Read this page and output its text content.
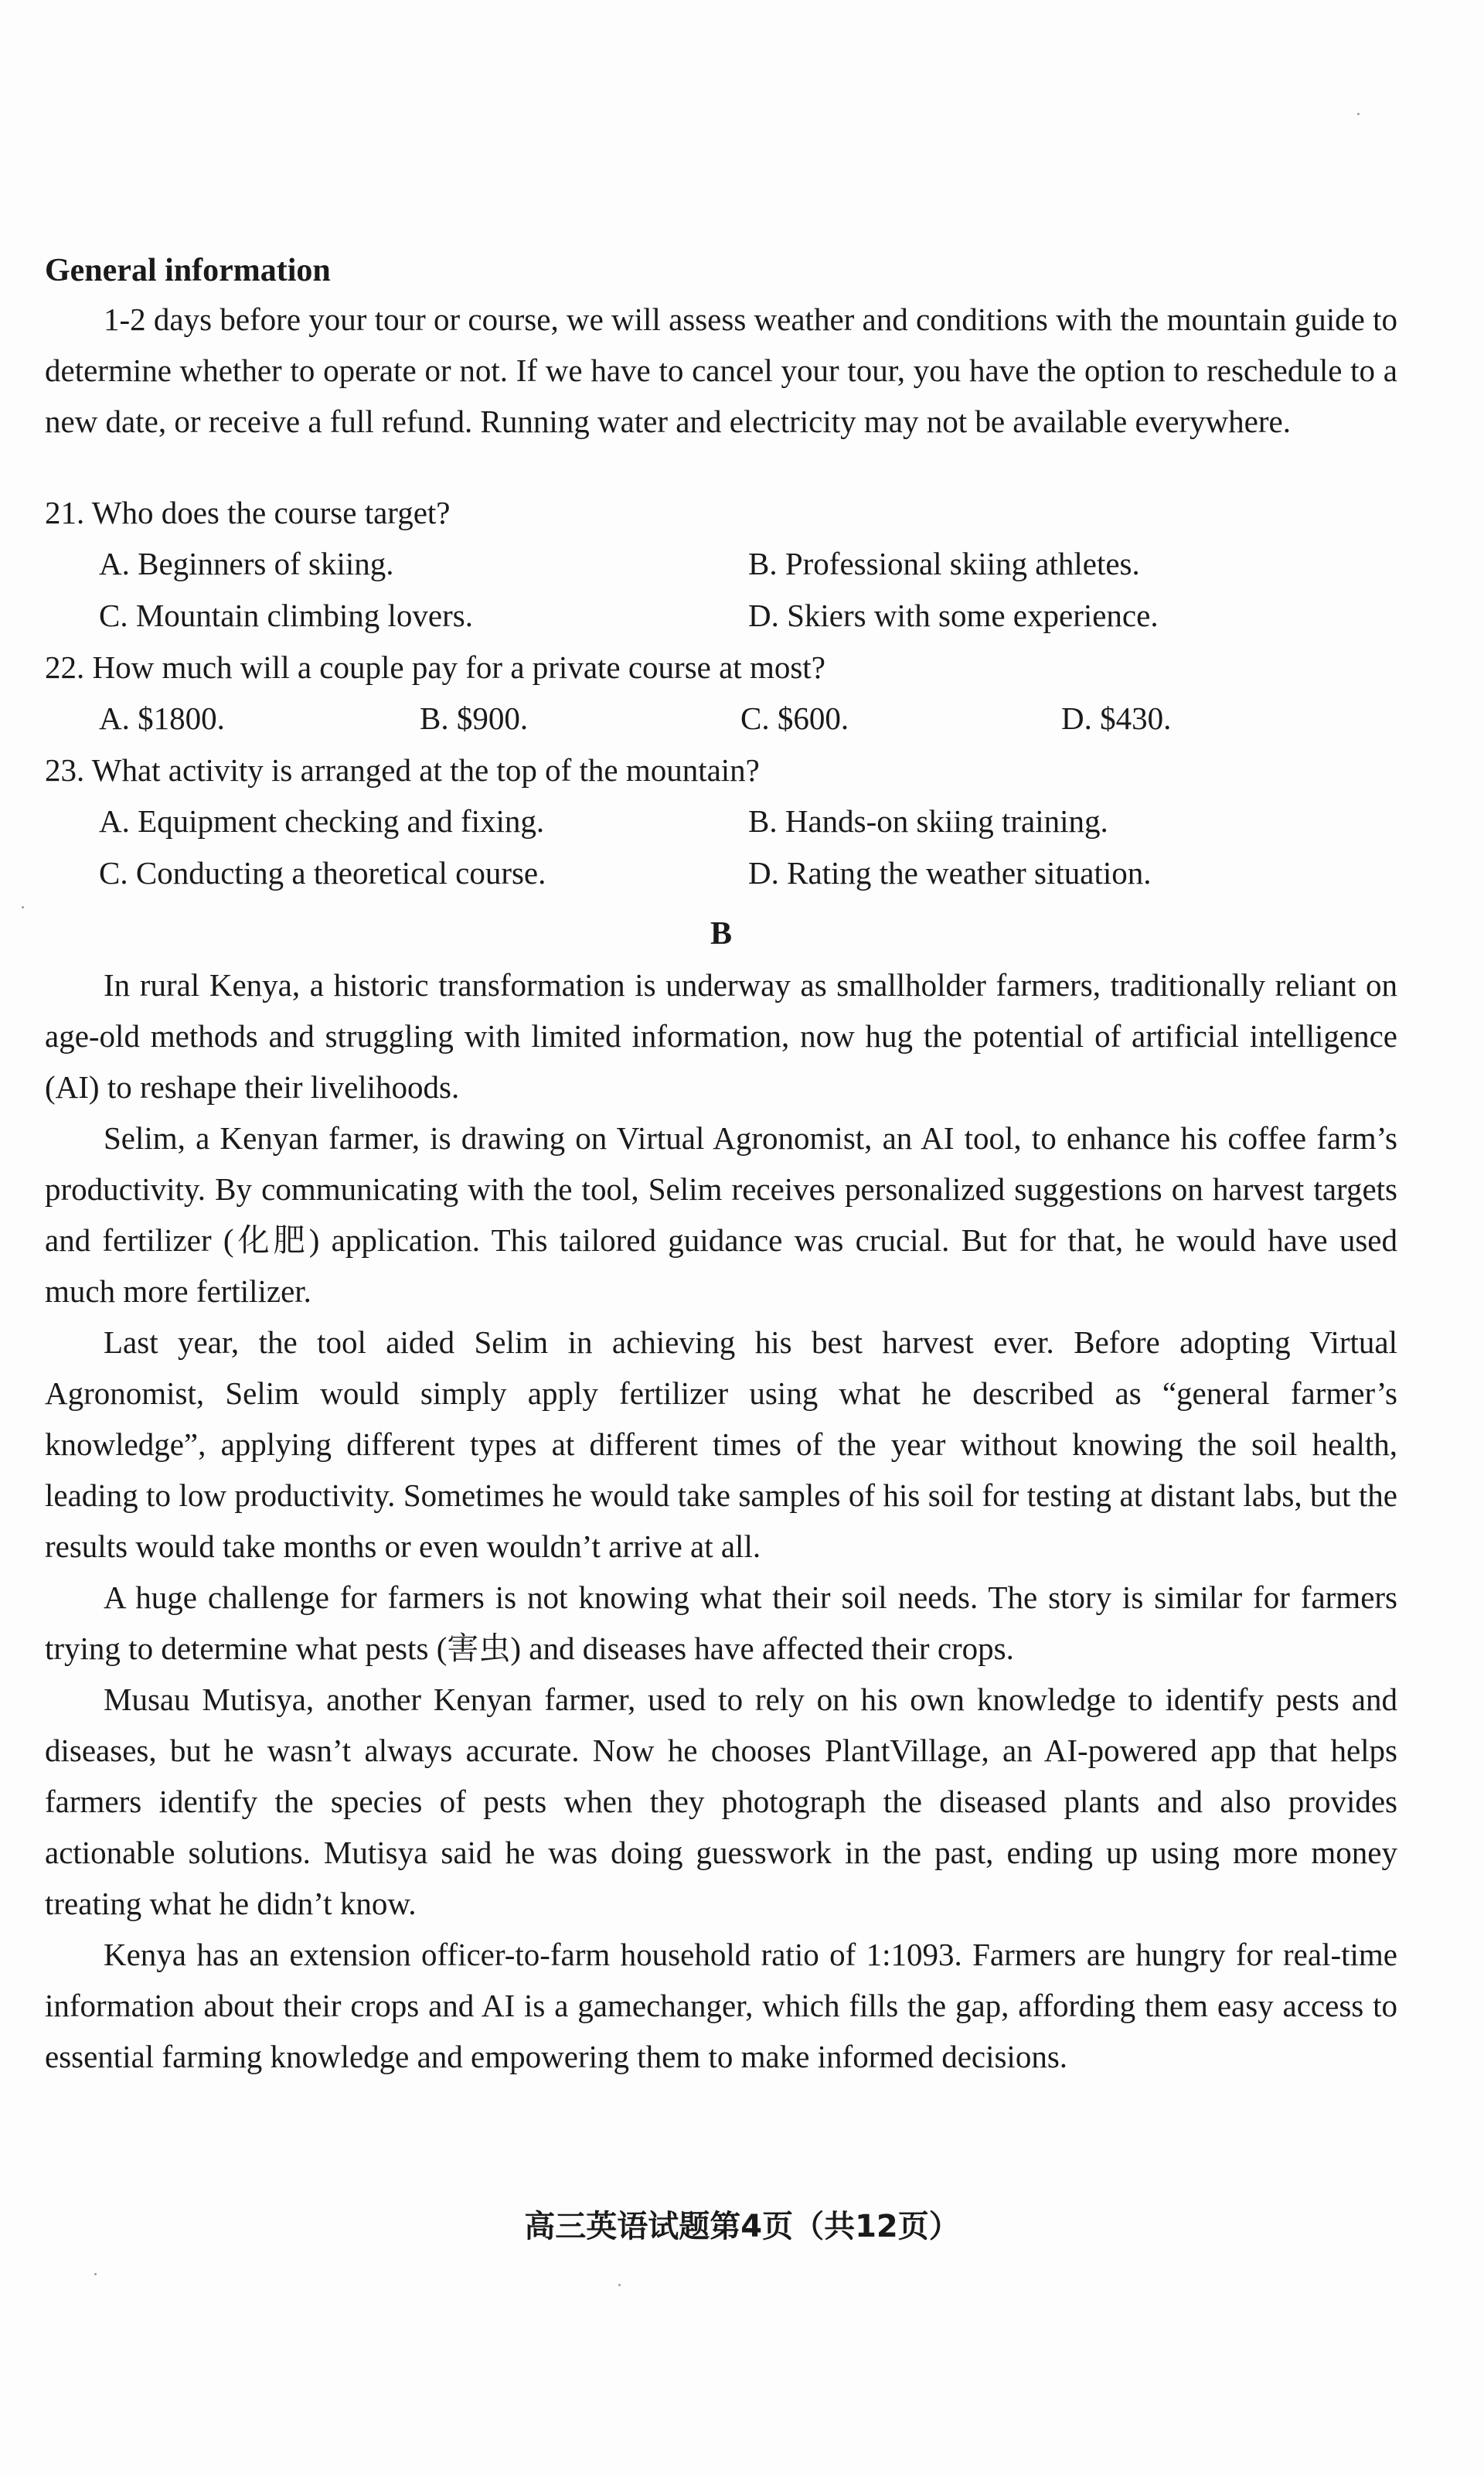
General information

1-2 days before your tour or course, we will assess weather and conditions with the mountain guide to determine whether to operate or not. If we have to cancel your tour, you have the option to reschedule to a new date, or receive a full refund. Running water and electricity may not be available everywhere.

21. Who does the course target?

A. Beginners of skiing.	B. Professional skiing athletes.
C. Mountain climbing lovers.	D. Skiers with some experience.

22. How much will a couple pay for a private course at most?

A. $1800.	B. $900.	C. $600.	D. $430.

23. What activity is arranged at the top of the mountain?

A. Equipment checking and fixing.	B. Hands-on skiing training.
C. Conducting a theoretical course.	D. Rating the weather situation.
B

In rural Kenya, a historic transformation is underway as smallholder farmers, traditionally reliant on age-old methods and struggling with limited information, now hug the potential of artificial intelligence (AI) to reshape their livelihoods.

Selim, a Kenyan farmer, is drawing on Virtual Agronomist, an AI tool, to enhance his coffee farm’s productivity. By communicating with the tool, Selim receives personalized suggestions on harvest targets and fertilizer (化肥) application. This tailored guidance was crucial. But for that, he would have used much more fertilizer.

Last year, the tool aided Selim in achieving his best harvest ever. Before adopting Virtual Agronomist, Selim would simply apply fertilizer using what he described as “general farmer’s knowledge”, applying different types at different times of the year without knowing the soil health, leading to low productivity. Sometimes he would take samples of his soil for testing at distant labs, but the results would take months or even wouldn’t arrive at all.

A huge challenge for farmers is not knowing what their soil needs. The story is similar for farmers trying to determine what pests (害虫) and diseases have affected their crops.

Musau Mutisya, another Kenyan farmer, used to rely on his own knowledge to identify pests and diseases, but he wasn’t always accurate. Now he chooses PlantVillage, an AI-powered app that helps farmers identify the species of pests when they photograph the diseased plants and also provides actionable solutions. Mutisya said he was doing guesswork in the past, ending up using more money treating what he didn’t know.

Kenya has an extension officer-to-farm household ratio of 1:1093. Farmers are hungry for real-time information about their crops and AI is a gamechanger, which fills the gap, affording them easy access to essential farming knowledge and empowering them to make informed decisions.

高三英语试题第4页（共12页）
